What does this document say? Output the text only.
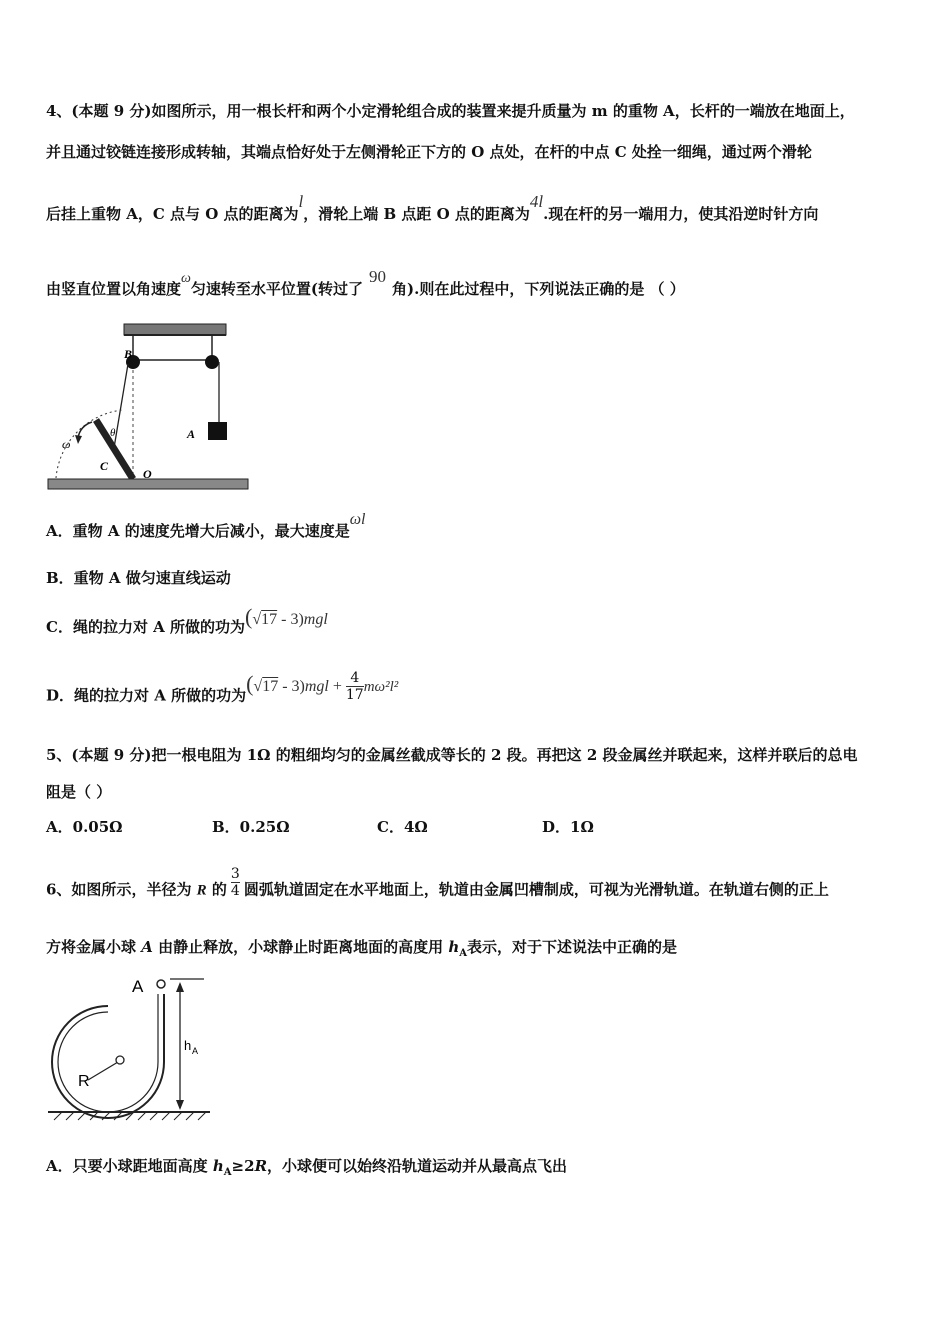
4、(本题 9 分)如图所示，用一根长杆和两个小定滑轮组合成的装置来提升质量为 m 的重物 A，长杆的一端放在地面上，
并且通过铰链连接形成转轴，其端点恰好处于左侧滑轮正下方的 O 点处，在杆的中点 C 处拴一细绳，通过两个滑轮
后挂上重物 A，C 点与 O 点的距离为l，滑轮上端 B 点距 O 点的距离为4l.现在杆的另一端用力，使其沿逆时针方向
由竖直位置以角速度ω匀速转至水平位置(转过了90角).则在此过程中，下列说法正确的是 （ ）
B
A
ω
θ
C
O
A．重物 A 的速度先增大后减小，最大速度是ωl
B．重物 A 做匀速直线运动
C．绳的拉力对 A 所做的功为(√17 - 3)mgl
D．绳的拉力对 A 所做的功为$(√17 - 3)mgl + \frac{4}{17} m\omega^2l^2$
5、(本题 9 分)把一根电阻为 1Ω 的粗细均匀的金属丝截成等长的 2 段。再把这 2 段金属丝并联起来，这样并联后的总电
阻是（ ）
A．0.05Ω	B．0.25Ω	C．4Ω	D．1Ω
6、如图所示，半径为 R 的 $\frac{3}{4}$ 圆弧轨道固定在水平地面上，轨道由金属凹槽制成，可视为光滑轨道。在轨道右侧的正上
方将金属小球 A 由静止释放，小球静止时距离地面的高度用 $h_A$表示，对于下述说法中正确的是
A
h A
R
A．只要小球距地面高度 $h_A\ge 2R$，小球便可以始终沿轨道运动并从最高点飞出
